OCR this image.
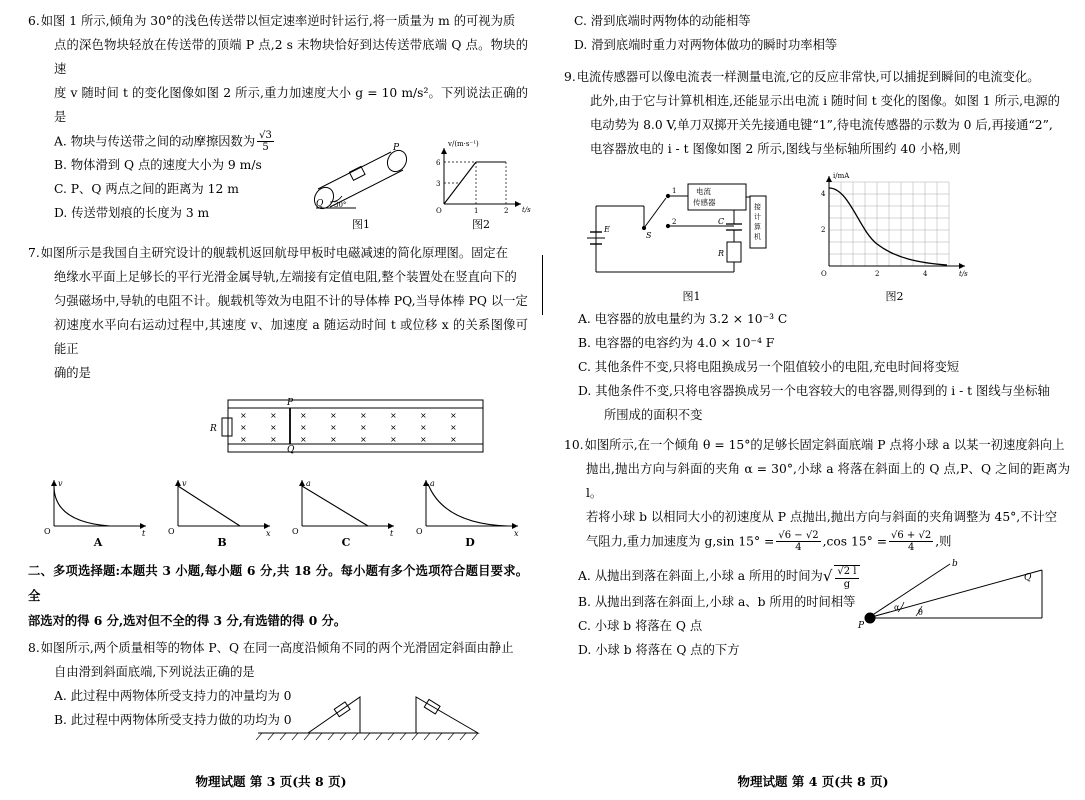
6.如图 1 所示,倾角为 30°的浅色传送带以恒定速率逆时针运行,将一质量为 m 的可视为质
点的深色物块轻放在传送带的顶端 P 点,2 s 末物块恰好到达传送带底端 Q 点。物块的速
度 v 随时间 t 的变化图像如图 2 所示,重力加速度大小 g = 10 m/s²。下列说法正确的是
A. 物块与传送带之间的动摩擦因数为 $\frac{√3}{5}$
B. 物体滑到 Q 点的速度大小为 9 m/s
C. P、Q 两点之间的距离为 12 m
D. 传送带划痕的长度为 3 m
P
Q 30°
图1
v/(m·s⁻¹)
t/s
6
3
1	2
O
图2
7.如图所示是我国自主研究设计的舰载机返回航母甲板时电磁减速的简化原理图。固定在
绝缘水平面上足够长的平行光滑金属导轨,左端接有定值电阻,整个装置处在竖直向下的
匀强磁场中,导轨的电阻不计。舰载机等效为电阻不计的导体棒 PQ,当导体棒 PQ 以一定
初速度水平向右运动过程中,其速度 v、加速度 a 随运动时间 t 或位移 x 的关系图像可能正
确的是
R
P
Q
×	×	×	×	×	×	×	×
×	×	×	×	×	×	×	×
×	×	×	×	×	×	×	×
v
t
O
A
v
x
O
B
a
t
O
C
a
x
O
D
二、多项选择题:本题共 3 小题,每小题 6 分,共 18 分。每小题有多个选项符合题目要求。全
部选对的得 6 分,选对但不全的得 3 分,有选错的得 0 分。
8.如图所示,两个质量相等的物体 P、Q 在同一高度沿倾角不同的两个光滑固定斜面由静止
自由滑到斜面底端,下列说法正确的是
A. 此过程中两物体所受支持力的冲量均为 0
B. 此过程中两物体所受支持力做的功均为 0
物理试题 第 3 页(共 8 页)
C. 滑到底端时两物体的动能相等
D. 滑到底端时重力对两物体做功的瞬时功率相等
9.电流传感器可以像电流表一样测量电流,它的反应非常快,可以捕捉到瞬间的电流变化。
此外,由于它与计算机相连,还能显示出电流 i 随时间 t 变化的图像。如图 1 所示,电源的
电动势为 8.0 V,单刀双掷开关先接通电键“1”,待电流传感器的示数为 0 后,再接通“2”,
电容器放电的 i - t 图像如图 2 所示,图线与坐标轴所围约 40 小格,则
E
S
1
2	C
R
电流
传感器	接
计
算
机
图1
i/mA
t/s
4
2
2	4
O
图2
A. 电容器的放电量约为 3.2 × 10⁻³ C
B. 电容器的电容约为 4.0 × 10⁻⁴ F
C. 其他条件不变,只将电阻换成另一个阻值较小的电阻,充电时间将变短
D. 其他条件不变,只将电容器换成另一个电容较大的电容器,则得到的 i - t 图线与坐标轴
所围成的面积不变
10.如图所示,在一个倾角 θ = 15°的足够长固定斜面底端 P 点将小球 a 以某一初速度斜向上
抛出,抛出方向与斜面的夹角 α = 30°,小球 a 将落在斜面上的 Q 点,P、Q 之间的距离为 l。
若将小球 b 以相同大小的初速度从 P 点抛出,抛出方向与斜面的夹角调整为 45°,不计空
气阻力,重力加速度为 g,sin $15^\circ = \frac{√6 - √2}{4} ,\cos$ $15^\circ = \frac{√6 + √2}{4}$ ,则
A. 从抛出到落在斜面上,小球 a 所用的时间为√ $\frac{√2 l}{g}$
B. 从抛出到落在斜面上,小球 a、b 所用的时间相等
C. 小球 b 将落在 Q 点
D. 小球 b 将落在 Q 点的下方
P
Q
b
α
θ
物理试题 第 4 页(共 8 页)
